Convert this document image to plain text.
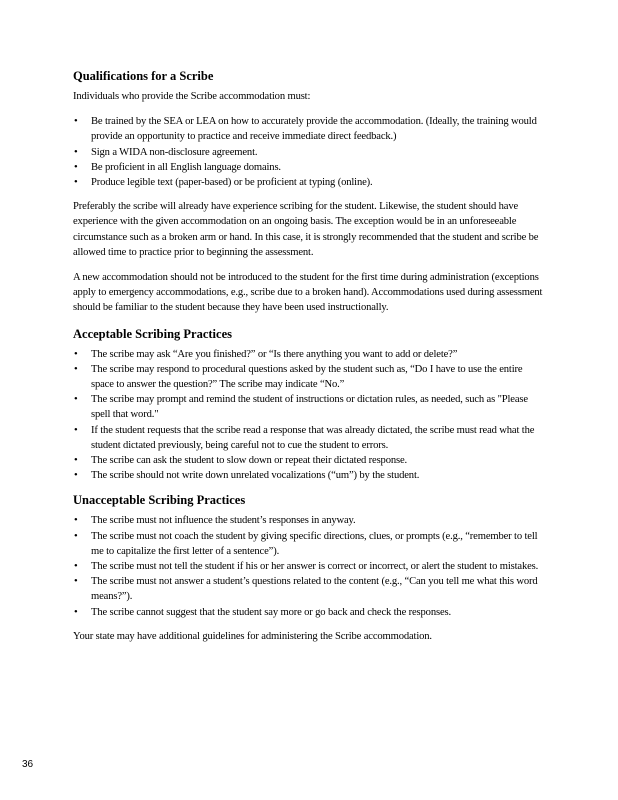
Qualifications for a Scribe

Individuals who provide the Scribe accommodation must:

• Be trained by the SEA or LEA on how to accurately provide the accommodation. (Ideally, the training would provide an opportunity to practice and receive immediate direct feedback.)
• Sign a WIDA non-disclosure agreement.
• Be proficient in all English language domains.
• Produce legible text (paper-based) or be proficient at typing (online).

Preferably the scribe will already have experience scribing for the student. Likewise, the student should have experience with the given accommodation on an ongoing basis. The exception would be in an unforeseeable circumstance such as a broken arm or hand. In this case, it is strongly recommended that the student and scribe be allowed time to practice prior to beginning the assessment.

A new accommodation should not be introduced to the student for the first time during administration (exceptions apply to emergency accommodations, e.g., scribe due to a broken hand). Accommodations used during assessment should be familiar to the student because they have been used instructionally.

Acceptable Scribing Practices
• The scribe may ask “Are you finished?” or “Is there anything you want to add or delete?”
• The scribe may respond to procedural questions asked by the student such as, “Do I have to use the entire space to answer the question?” The scribe may indicate “No.”
• The scribe may prompt and remind the student of instructions or dictation rules, as needed, such as "Please spell that word."
• If the student requests that the scribe read a response that was already dictated, the scribe must read what the student dictated previously, being careful not to cue the student to errors.
• The scribe can ask the student to slow down or repeat their dictated response.
• The scribe should not write down unrelated vocalizations (“um”) by the student.
Unacceptable Scribing Practices
• The scribe must not influence the student’s responses in anyway.
• The scribe must not coach the student by giving specific directions, clues, or prompts (e.g., “remember to tell me to capitalize the first letter of a sentence”).
• The scribe must not tell the student if his or her answer is correct or incorrect, or alert the student to mistakes.
• The scribe must not answer a student’s questions related to the content (e.g., “Can you tell me what this word means?”).
• The scribe cannot suggest that the student say more or go back and check the responses.

Your state may have additional guidelines for administering the Scribe accommodation.

36
